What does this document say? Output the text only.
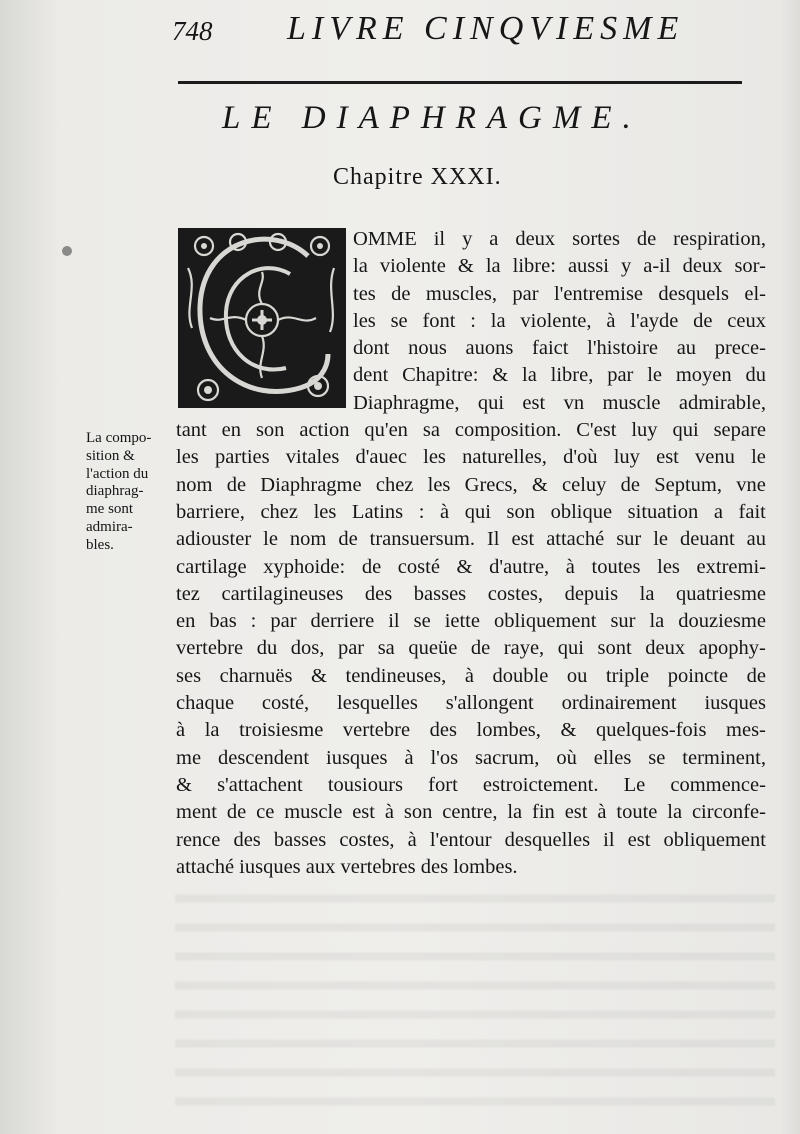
748 LIVRE CINQVIESME
LE DIAPHRAGME.
Chapitre XXXI.
OMME il y a deux sortes de respiration,
la violente & la libre: aussi y a-il deux sor-
tes de muscles, par l'entremise desquels el-
les se font : la violente, à l'ayde de ceux
dont nous auons faict l'histoire au prece-
dent Chapitre: & la libre, par le moyen du
Diaphragme, qui est vn muscle admirable,
tant en son action qu'en sa composition. C'est luy qui separe
les parties vitales d'auec les naturelles, d'où luy est venu le
nom de Diaphragme chez les Grecs, & celuy de Septum, vne
barriere, chez les Latins : à qui son oblique situation a fait
adiouster le nom de transuersum. Il est attaché sur le deuant au
cartilage xyphoide: de costé & d'autre, à toutes les extremi-
tez cartilagineuses des basses costes, depuis la quatriesme
en bas : par derriere il se iette obliquement sur la douziesme
vertebre du dos, par sa queüe de raye, qui sont deux apophy-
ses charnuës & tendineuses, à double ou triple poincte de
chaque costé, lesquelles s'allongent ordinairement iusques
à la troisiesme vertebre des lombes, & quelques-fois mes-
me descendent iusques à l'os sacrum, où elles se terminent,
& s'attachent tousiours fort estroictement. Le commence-
ment de ce muscle est à son centre, la fin est à toute la circonfe-
rence des basses costes, à l'entour desquelles il est obliquement
attaché iusques aux vertebres des lombes.
La compo-
sition &
l'action du
diaphrag-
me sont
admira-
bles.
